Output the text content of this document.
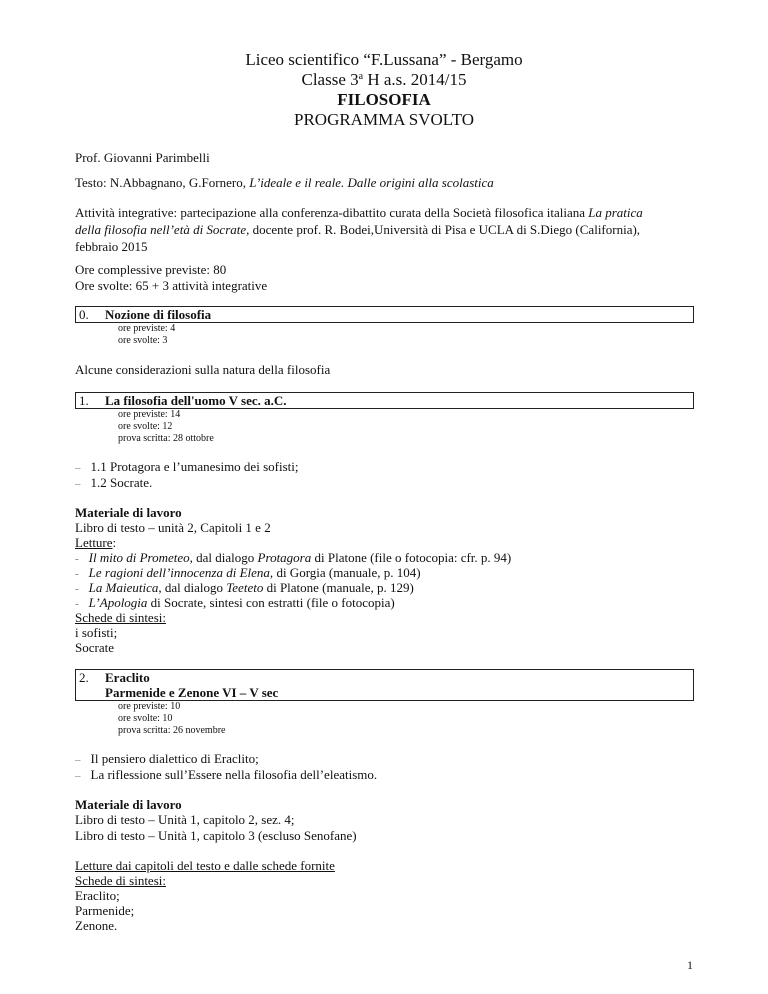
Liceo scientifico “F.Lussana” - Bergamo
Classe 3$^a$ H a.s. 2014/15
FILOSOFIA
PROGRAMMA SVOLTO
Prof. Giovanni Parimbelli
Testo: N.Abbagnano, G.Fornero, L’ideale e il reale. Dalle origini alla scolastica
Attività integrative: partecipazione alla conferenza-dibattito curata della Società filosofica italiana La pratica
della filosofia nell’età di Socrate, docente prof. R. Bodei,Università di Pisa e UCLA di S.Diego (California),
febbraio 2015
Ore complessive previste: 80
Ore svolte: 65 + 3 attività integrative
0. Nozione di filosofia
ore previste: 4
ore svolte: 3
Alcune considerazioni sulla natura della filosofia
1. La filosofia dell'uomo V sec. a.C.
ore previste: 14
ore svolte: 12
prova scritta: 28 ottobre
– 1.1 Protagora e l’umanesimo dei sofisti;
– 1.2 Socrate.
Materiale di lavoro
Libro di testo – unità 2, Capitoli 1 e 2
Letture:
- Il mito di Prometeo, dal dialogo Protagora di Platone (file o fotocopia: cfr. p. 94)
- Le ragioni dell’innocenza di Elena, di Gorgia (manuale, p. 104)
- La Maieutica, dal dialogo Teeteto di Platone (manuale, p. 129)
- L’Apologia di Socrate, sintesi con estratti (file o fotocopia)
Schede di sintesi:
i sofisti;
Socrate
2. Eraclito
Parmenide e Zenone VI – V sec
ore previste: 10
ore svolte: 10
prova scritta: 26 novembre
– Il pensiero dialettico di Eraclito;
– La riflessione sull’Essere nella filosofia dell’eleatismo.
Materiale di lavoro
Libro di testo – Unità 1, capitolo 2, sez. 4;
Libro di testo – Unità 1, capitolo 3 (escluso Senofane)
Letture dai capitoli del testo e dalle schede fornite
Schede di sintesi:
Eraclito;
Parmenide;
Zenone.
1
